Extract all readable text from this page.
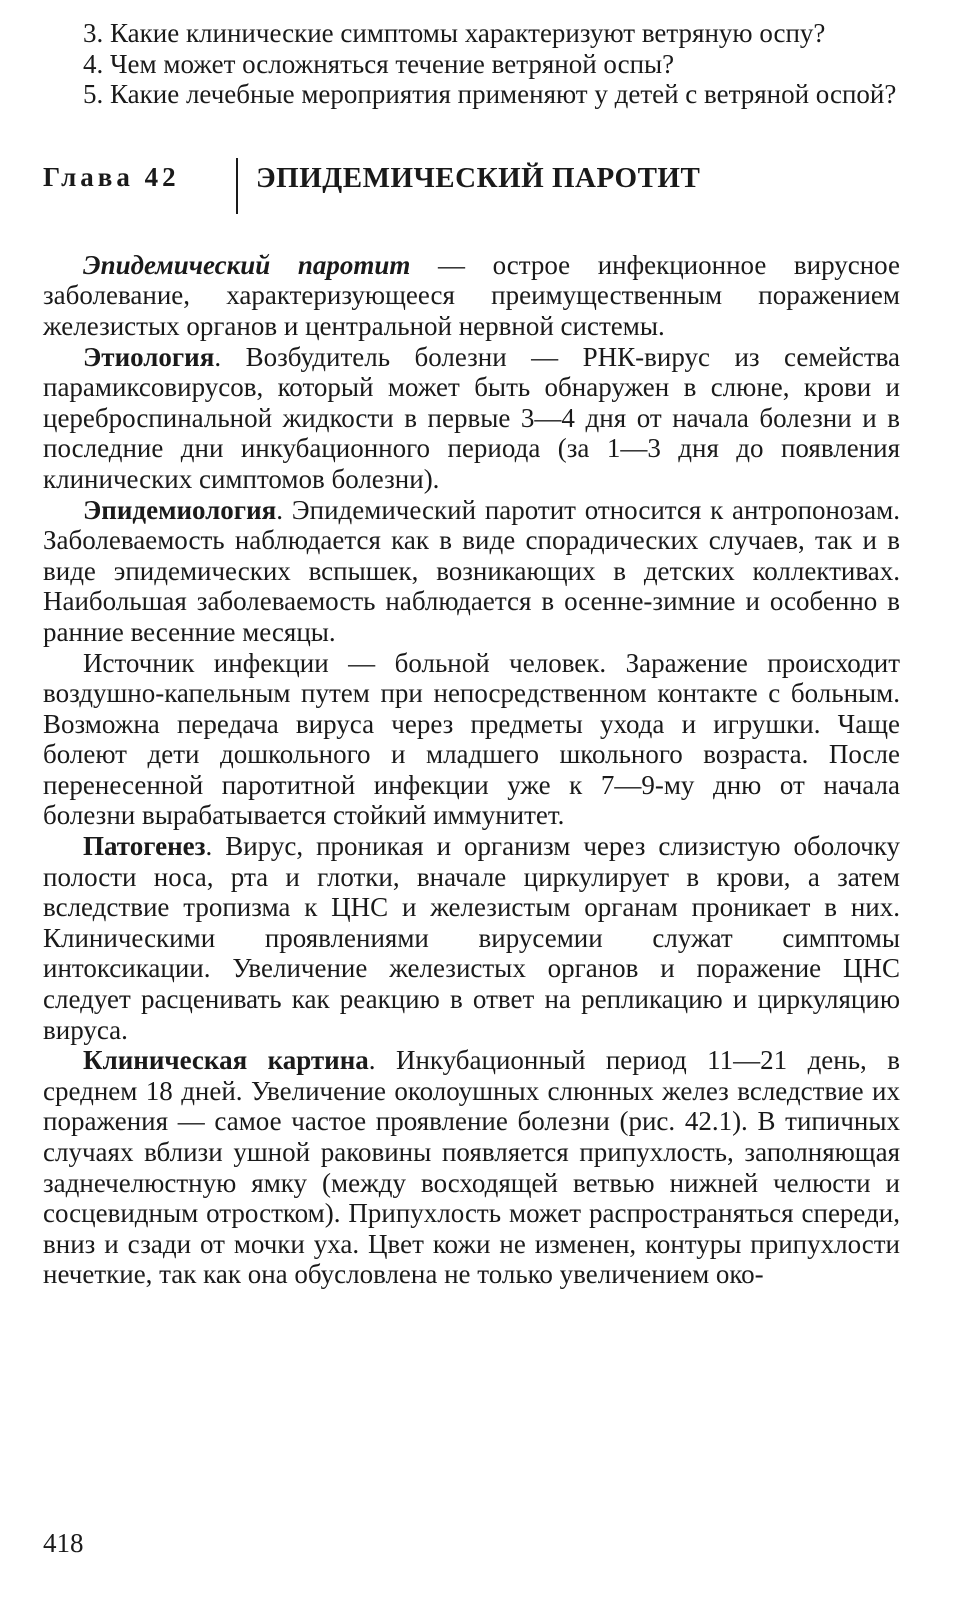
3. Какие клинические симптомы характеризуют ветряную оспу?

4. Чем может осложняться течение ветряной оспы?

5. Какие лечебные мероприятия применяют у детей с ветряной оспой?

Глава 42	ЭПИДЕМИЧЕСКИЙ ПАРОТИТ

Эпидемический паротит — острое инфекционное вирусное заболевание, характеризующееся преимущественным поражением железистых органов и центральной нервной системы.

Этиология. Возбудитель болезни — РНК-вирус из семейства парамиксовирусов, который может быть обнаружен в слюне, крови и цереброспинальной жидкости в первые 3—4 дня от начала болезни и в последние дни инкубационного периода (за 1—3 дня до появления клинических симптомов болезни).

Эпидемиология. Эпидемический паротит относится к антропонозам. Заболеваемость наблюдается как в виде спорадических случаев, так и в виде эпидемических вспышек, возникающих в детских коллективах. Наибольшая заболеваемость наблюдается в осенне-зимние и особенно в ранние весенние месяцы.

Источник инфекции — больной человек. Заражение происходит воздушно-капельным путем при непосредственном контакте с больным. Возможна передача вируса через предметы ухода и игрушки. Чаще болеют дети дошкольного и младшего школьного возраста. После перенесенной паротитной инфекции уже к 7—9-му дню от начала болезни вырабатывается стойкий иммунитет.

Патогенез. Вирус, проникая и организм через слизистую оболочку полости носа, рта и глотки, вначале циркулирует в крови, а затем вследствие тропизма к ЦНС и железистым органам проникает в них. Клиническими проявлениями вирусемии служат симптомы интоксикации. Увеличение железистых органов и поражение ЦНС следует расценивать как реакцию в ответ на репликацию и циркуляцию вируса.

Клиническая картина. Инкубационный период 11—21 день, в среднем 18 дней. Увеличение околоушных слюнных желез вследствие их поражения — самое частое проявление болезни (рис. 42.1). В типичных случаях вблизи ушной раковины появляется припухлость, заполняющая заднечелюстную ямку (между восходящей ветвью нижней челюсти и сосцевидным отростком). Припухлость может распространяться спереди, вниз и сзади от мочки уха. Цвет кожи не изменен, контуры припухлости нечеткие, так как она обусловлена не только увеличением око-

418
